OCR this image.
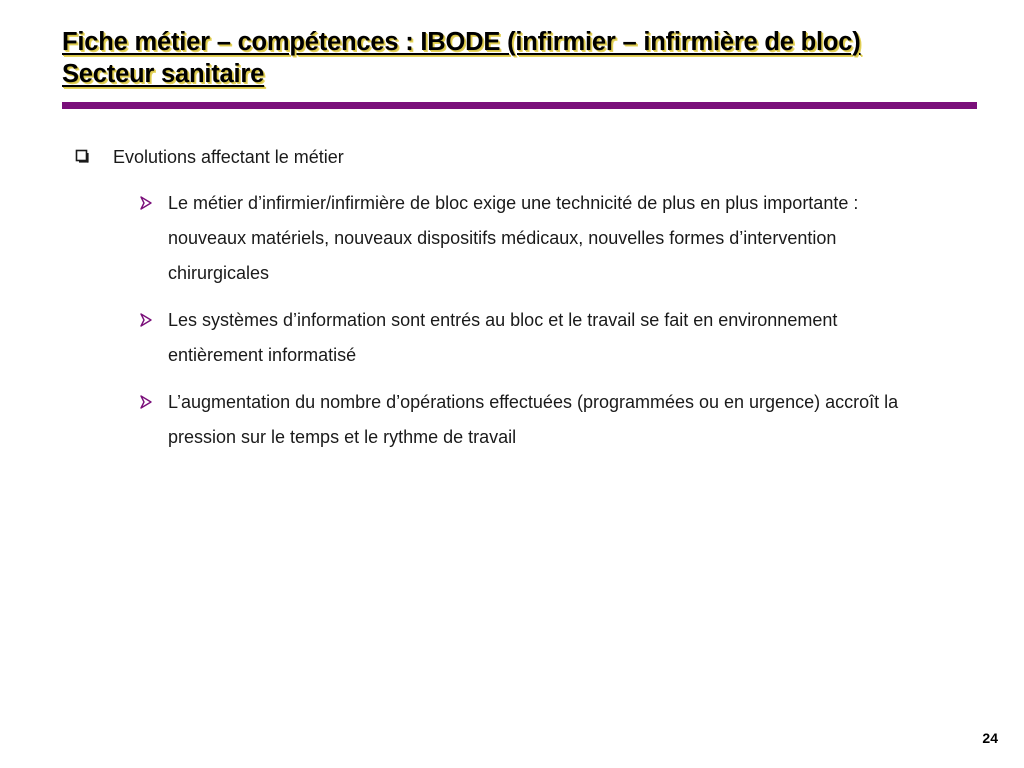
Fiche métier – compétences : IBODE (infirmier – infirmière de bloc)
Secteur sanitaire
Evolutions affectant le métier
Le métier d’infirmier/infirmière de bloc exige une technicité de plus en plus importante : nouveaux matériels, nouveaux dispositifs médicaux, nouvelles formes d’intervention chirurgicales
Les systèmes d’information sont entrés au bloc et le travail se fait en environnement entièrement informatisé
L’augmentation du nombre d’opérations effectuées (programmées ou en urgence) accroît la pression sur le temps et le rythme de travail
24
